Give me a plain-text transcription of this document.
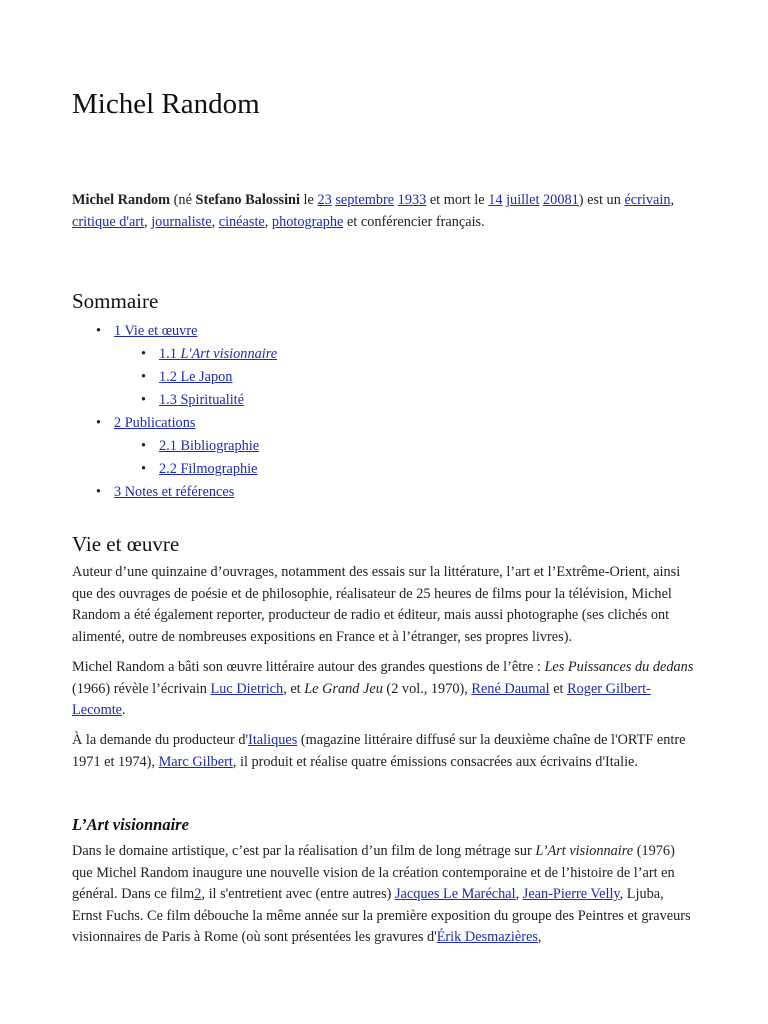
Michel Random

Michel Random (né Stefano Balossini le 23 septembre 1933 et mort le 14 juillet 20081) est un écrivain, critique d'art, journaliste, cinéaste, photographe et conférencier français.

Sommaire
• 1 Vie et œuvre
• 1.1 L'Art visionnaire
• 1.2 Le Japon
• 1.3 Spiritualité
• 2 Publications
• 2.1 Bibliographie
• 2.2 Filmographie
• 3 Notes et références
Vie et œuvre

Auteur d’une quinzaine d’ouvrages, notamment des essais sur la littérature, l’art et l’Extrême-Orient, ainsi que des ouvrages de poésie et de philosophie, réalisateur de 25 heures de films pour la télévision, Michel Random a été également reporter, producteur de radio et éditeur, mais aussi photographe (ses clichés ont alimenté, outre de nombreuses expositions en France et à l’étranger, ses propres livres).

Michel Random a bâti son œuvre littéraire autour des grandes questions de l’être : Les Puissances du dedans (1966) révèle l’écrivain Luc Dietrich, et Le Grand Jeu (2 vol., 1970), René Daumal et Roger Gilbert-Lecomte.

À la demande du producteur d'Italiques (magazine littéraire diffusé sur la deuxième chaîne de l'ORTF entre 1971 et 1974), Marc Gilbert, il produit et réalise quatre émissions consacrées aux écrivains d'Italie.

L’Art visionnaire

Dans le domaine artistique, c’est par la réalisation d’un film de long métrage sur L’Art visionnaire (1976) que Michel Random inaugure une nouvelle vision de la création contemporaine et de l’histoire de l’art en général. Dans ce film2, il s'entretient avec (entre autres) Jacques Le Maréchal, Jean-Pierre Velly, Ljuba, Ernst Fuchs. Ce film débouche la même année sur la première exposition du groupe des Peintres et graveurs visionnaires de Paris à Rome (où sont présentées les gravures d'Érik Desmazières,
